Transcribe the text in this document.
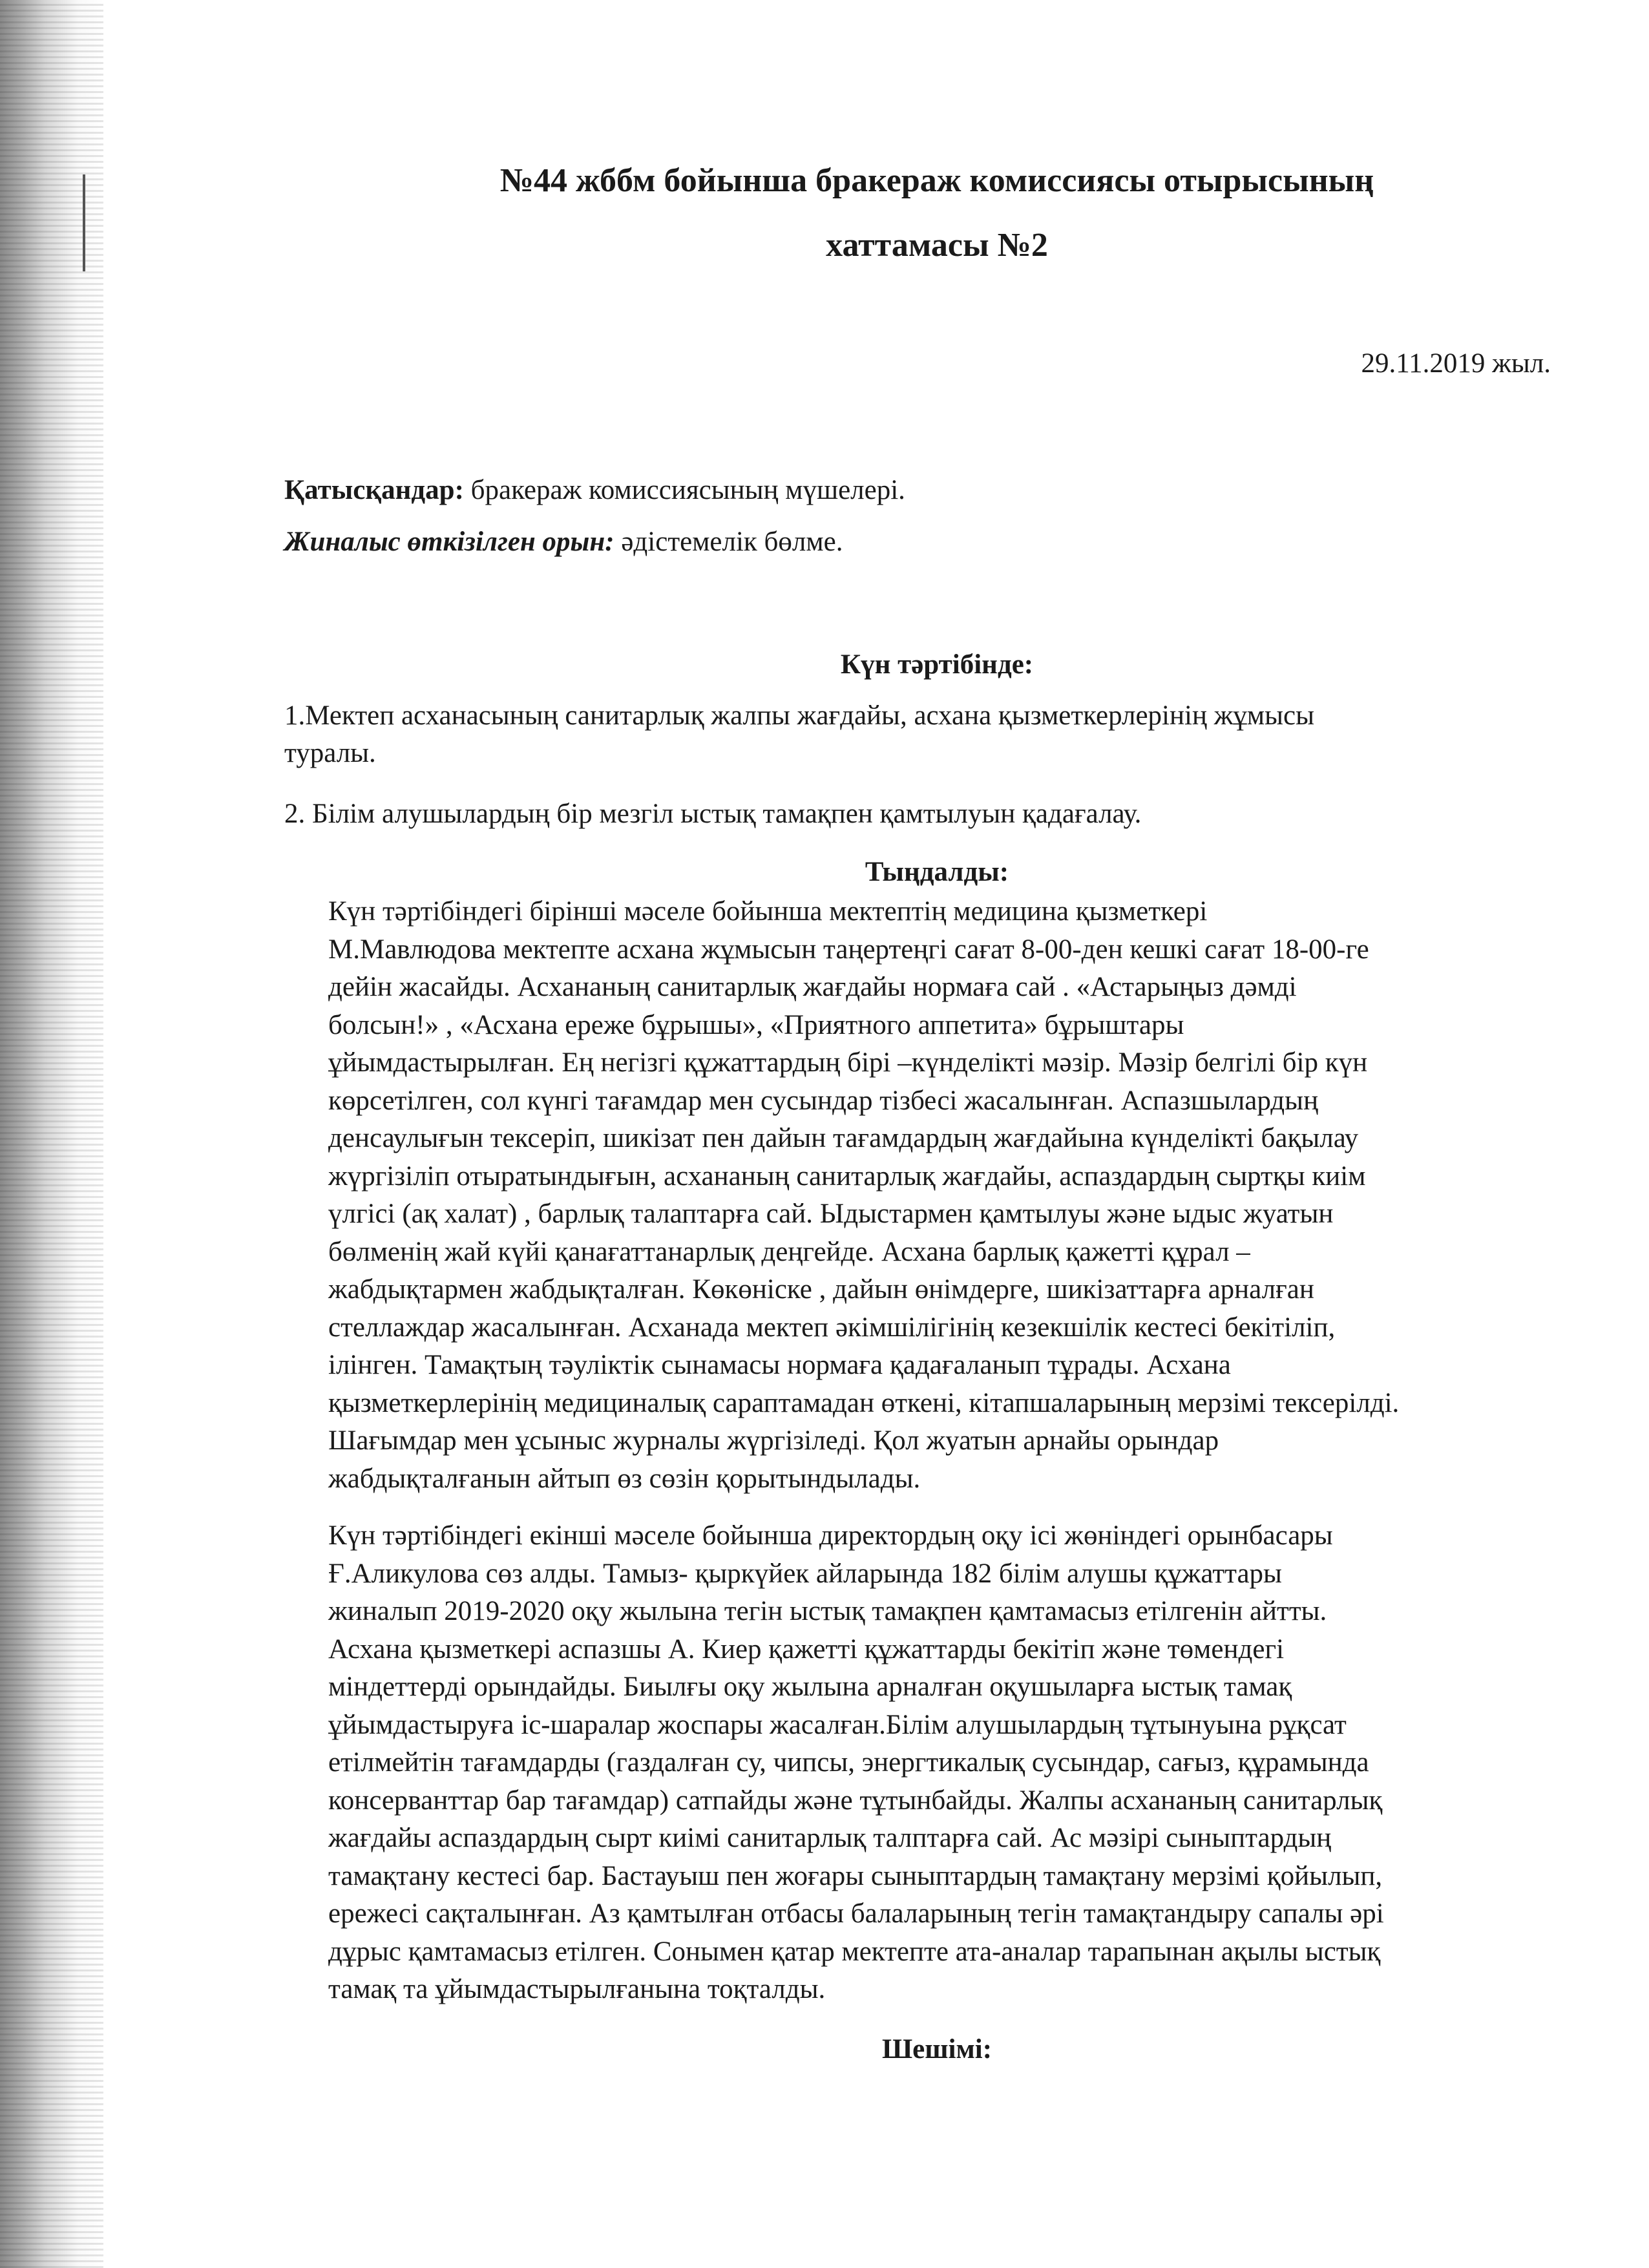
№44 жббм бойынша бракераж комиссиясы отырысының

хаттамасы №2

29.11.2019 жыл.
Қатысқандар: бракераж комиссиясының мүшелері.
Жиналыс өткізілген орын: әдістемелік бөлме.
Күн тәртібінде:
1.Мектеп асханасының санитарлық жалпы жағдайы, асхана қызметкерлерінің жұмысы
туралы.
2. Білім алушылардың бір мезгіл ыстық тамақпен қамтылуын қадағалау.
Тыңдалды:
Күн тәртібіндегі бірінші мәселе бойынша мектептің медицина қызметкері
М.Мавлюдова мектепте асхана жұмысын таңертеңгі сағат 8-00-ден кешкі сағат 18-00-ге
дейін жасайды. Асхананың санитарлық жағдайы нормаға сай . «Астарыңыз дәмді
болсын!» , «Асхана ереже бұрышы», «Приятного аппетита» бұрыштары
ұйымдастырылған. Ең негізгі құжаттардың бірі –күнделікті мәзір. Мәзір белгілі бір күн
көрсетілген, сол күнгі тағамдар мен сусындар тізбесі жасалынған. Аспазшылардың
денсаулығын тексеріп, шикізат пен дайын тағамдардың жағдайына күнделікті бақылау
жүргізіліп отыратындығын, асхананың санитарлық жағдайы, аспаздардың сыртқы киім
үлгісі (ақ халат) , барлық талаптарға сай. Ыдыстармен қамтылуы және ыдыс жуатын
бөлменің жай күйі қанағаттанарлық деңгейде. Асхана барлық қажетті құрал –
жабдықтармен жабдықталған. Көкөніске , дайын өнімдерге, шикізаттарға арналған
стеллаждар жасалынған. Асханада мектеп әкімшілігінің кезекшілік кестесі бекітіліп,
ілінген. Тамақтың тәуліктік сынамасы нормаға қадағаланып тұрады. Асхана
қызметкерлерінің медициналық сараптамадан өткені, кітапшаларының мерзімі тексерілді.
Шағымдар мен ұсыныс журналы жүргізіледі. Қол жуатын арнайы орындар
жабдықталғанын айтып өз сөзін қорытындылады.
Күн тәртібіндегі екінші мәселе бойынша директордың оқу ісі жөніндегі орынбасары
Ғ.Аликулова сөз алды. Тамыз- қыркүйек айларында 182 білім алушы құжаттары
жиналып 2019-2020 оқу жылына тегін ыстық тамақпен қамтамасыз етілгенін айтты.
Асхана қызметкері аспазшы А. Киер қажетті құжаттарды бекітіп және төмендегі
міндеттерді орындайды. Биылғы оқу жылына арналған оқушыларға ыстық тамақ
ұйымдастыруға іс-шаралар жоспары жасалған.Білім алушылардың тұтынуына рұқсат
етілмейтін тағамдарды (газдалған су, чипсы, энергтикалық сусындар, сағыз, құрамында
консерванттар бар тағамдар) сатпайды және тұтынбайды. Жалпы асхананың санитарлық
жағдайы аспаздардың сырт киімі санитарлық талптарға сай. Ас мәзірі сыныптардың
тамақтану кестесі бар. Бастауыш пен жоғары сыныптардың тамақтану мерзімі қойылып,
ережесі сақталынған. Аз қамтылған отбасы балаларының тегін тамақтандыру сапалы әрі
дұрыс қамтамасыз етілген. Сонымен қатар мектепте ата-аналар тарапынан ақылы ыстық
тамақ та ұйымдастырылғанына тоқталды.
Шешімі:
